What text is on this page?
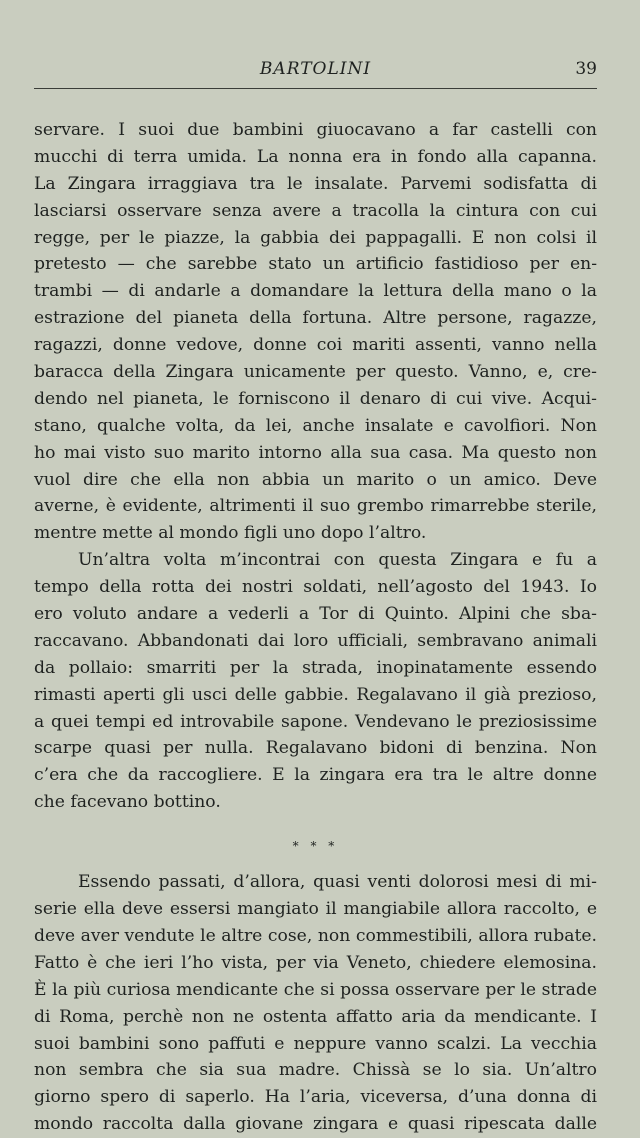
BARTOLINI	39
servare. I suoi due bambini giuocavano a far castelli con
mucchi di terra umida. La nonna era in fondo alla capanna.
La Zingara irraggiava tra le insalate. Parvemi sodisfatta di
lasciarsi osservare senza avere a tracolla la cintura con cui
regge, per le piazze, la gabbia dei pappagalli. E non colsi il
pretesto — che sarebbe stato un artificio fastidioso per en-
trambi — di andarle a domandare la lettura della mano o la
estrazione del pianeta della fortuna. Altre persone, ragazze,
ragazzi, donne vedove, donne coi mariti assenti, vanno nella
baracca della Zingara unicamente per questo. Vanno, e, cre-
dendo nel pianeta, le forniscono il denaro di cui vive. Acqui-
stano, qualche volta, da lei, anche insalate e cavolfiori. Non
ho mai visto suo marito intorno alla sua casa. Ma questo non
vuol dire che ella non abbia un marito o un amico. Deve
averne, è evidente, altrimenti il suo grembo rimarrebbe sterile,
mentre mette al mondo figli uno dopo l’altro.
Un’altra volta m’incontrai con questa Zingara e fu a
tempo della rotta dei nostri soldati, nell’agosto del 1943. Io
ero voluto andare a vederli a Tor di Quinto. Alpini che sba-
raccavano. Abbandonati dai loro ufficiali, sembravano animali
da pollaio: smarriti per la strada, inopinatamente essendo
rimasti aperti gli usci delle gabbie. Regalavano il già prezioso,
a quei tempi ed introvabile sapone. Vendevano le preziosissime
scarpe quasi per nulla. Regalavano bidoni di benzina. Non
c’era che da raccogliere. E la zingara era tra le altre donne
che facevano bottino.
* * *
Essendo passati, d’allora, quasi venti dolorosi mesi di mi-
serie ella deve essersi mangiato il mangiabile allora raccolto, e
deve aver vendute le altre cose, non commestibili, allora rubate.
Fatto è che ieri l’ho vista, per via Veneto, chiedere elemosina.
È la più curiosa mendicante che si possa osservare per le strade
di Roma, perchè non ne ostenta affatto aria da mendicante. I
suoi bambini sono paffuti e neppure vanno scalzi. La vecchia
non sembra che sia sua madre. Chissà se lo sia. Un’altro
giorno spero di saperlo. Ha l’aria, viceversa, d’una donna di
mondo raccolta dalla giovane zingara e quasi ripescata dalle
